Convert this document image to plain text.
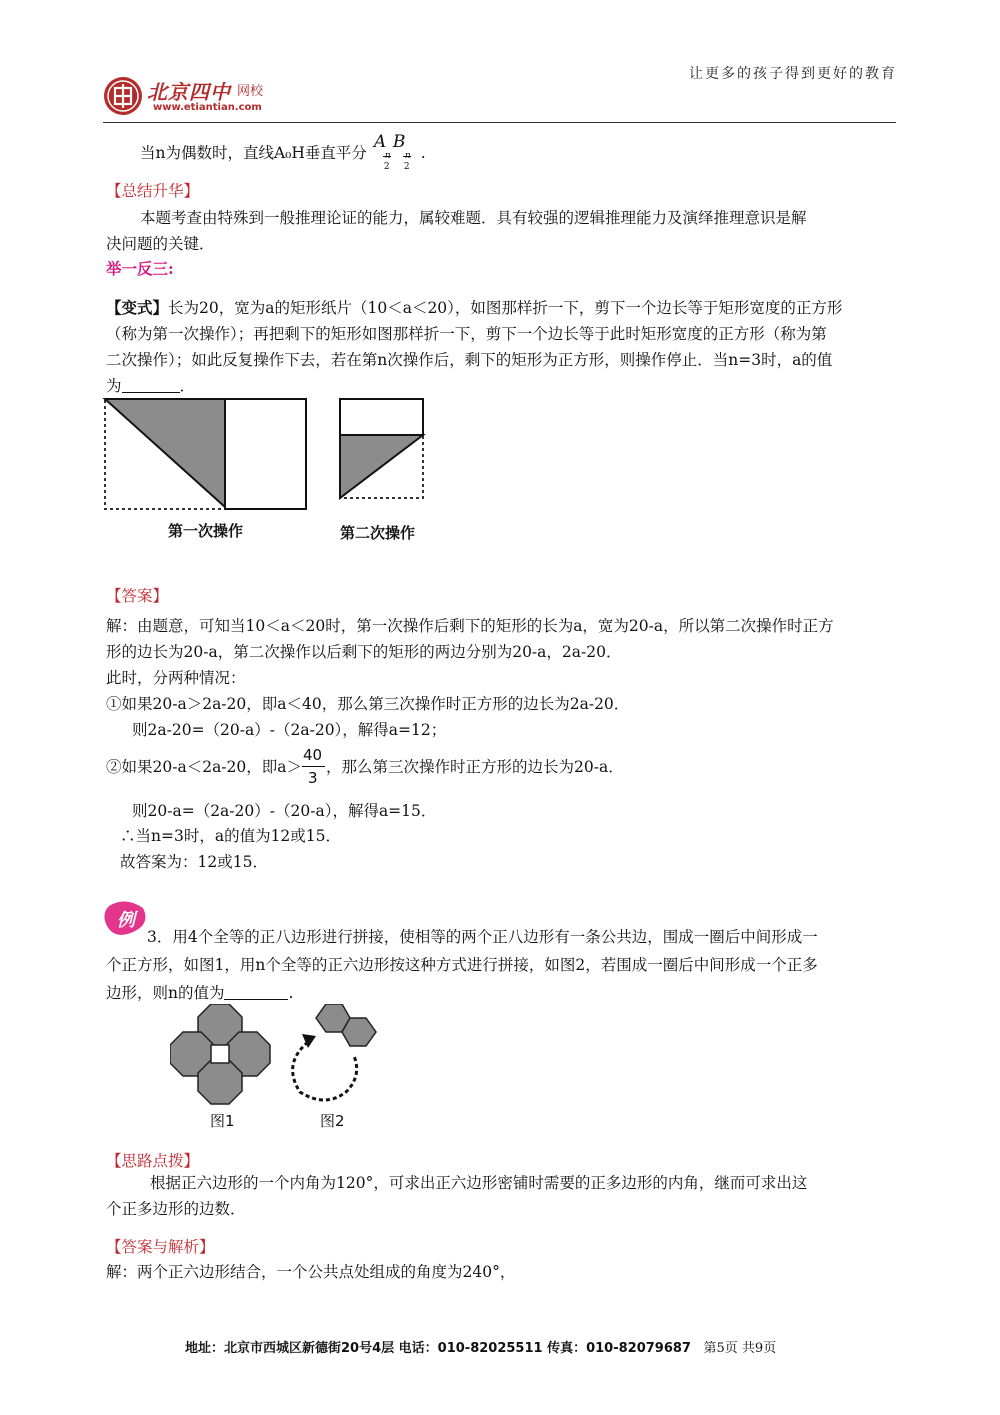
北京四中 网校
www.etiantian.com
让更多的孩子得到更好的教育
当n为偶数时，直线A₀H垂直平分
A
n
2
B
n
2
.
【总结升华】
本题考查由特殊到一般推理论证的能力，属较难题．具有较强的逻辑推理能力及演绎推理意识是解
决问题的关键．
举一反三:
【变式】长为20，宽为a的矩形纸片（10＜a＜20），如图那样折一下，剪下一个边长等于矩形宽度的正方形
（称为第一次操作）；再把剩下的矩形如图那样折一下，剪下一个边长等于此时矩形宽度的正方形（称为第
二次操作）；如此反复操作下去，若在第n次操作后，剩下的矩形为正方形，则操作停止．当n=3时，a的值
为	．
第一次操作	第二次操作
【答案】
解：由题意，可知当10＜a＜20时，第一次操作后剩下的矩形的长为a，宽为20-a，所以第二次操作时正方
形的边长为20-a，第二次操作以后剩下的矩形的两边分别为20-a，2a-20．
此时，分两种情况：
①如果20-a＞2a-20，即a＜40，那么第三次操作时正方形的边长为2a-20．
则2a-20=（20-a）-（2a-20），解得a=12；
②如果20-a＜2a-20，即$a> \frac{40}{3}$ ，那么第三次操作时正方形的边长为20-a．
则20-a=（2a-20）-（20-a），解得a=15．
∴当n=3时，a的值为12或15．
故答案为：12或15．
例
3．用4个全等的正八边形进行拼接，使相等的两个正八边形有一条公共边，围成一圈后中间形成一
个正方形，如图1，用n个全等的正六边形按这种方式进行拼接，如图2，若围成一圈后中间形成一个正多
边形，则n的值为	.
图1	图2
【思路点拨】
根据正六边形的一个内角为120°，可求出正六边形密铺时需要的正多边形的内角，继而可求出这
个正多边形的边数．
【答案与解析】
解：两个正六边形结合，一个公共点处组成的角度为240°，
地址：北京市西城区新德街20号4层 电话：010-82025511 传真：010-82079687 第5页 共9页
